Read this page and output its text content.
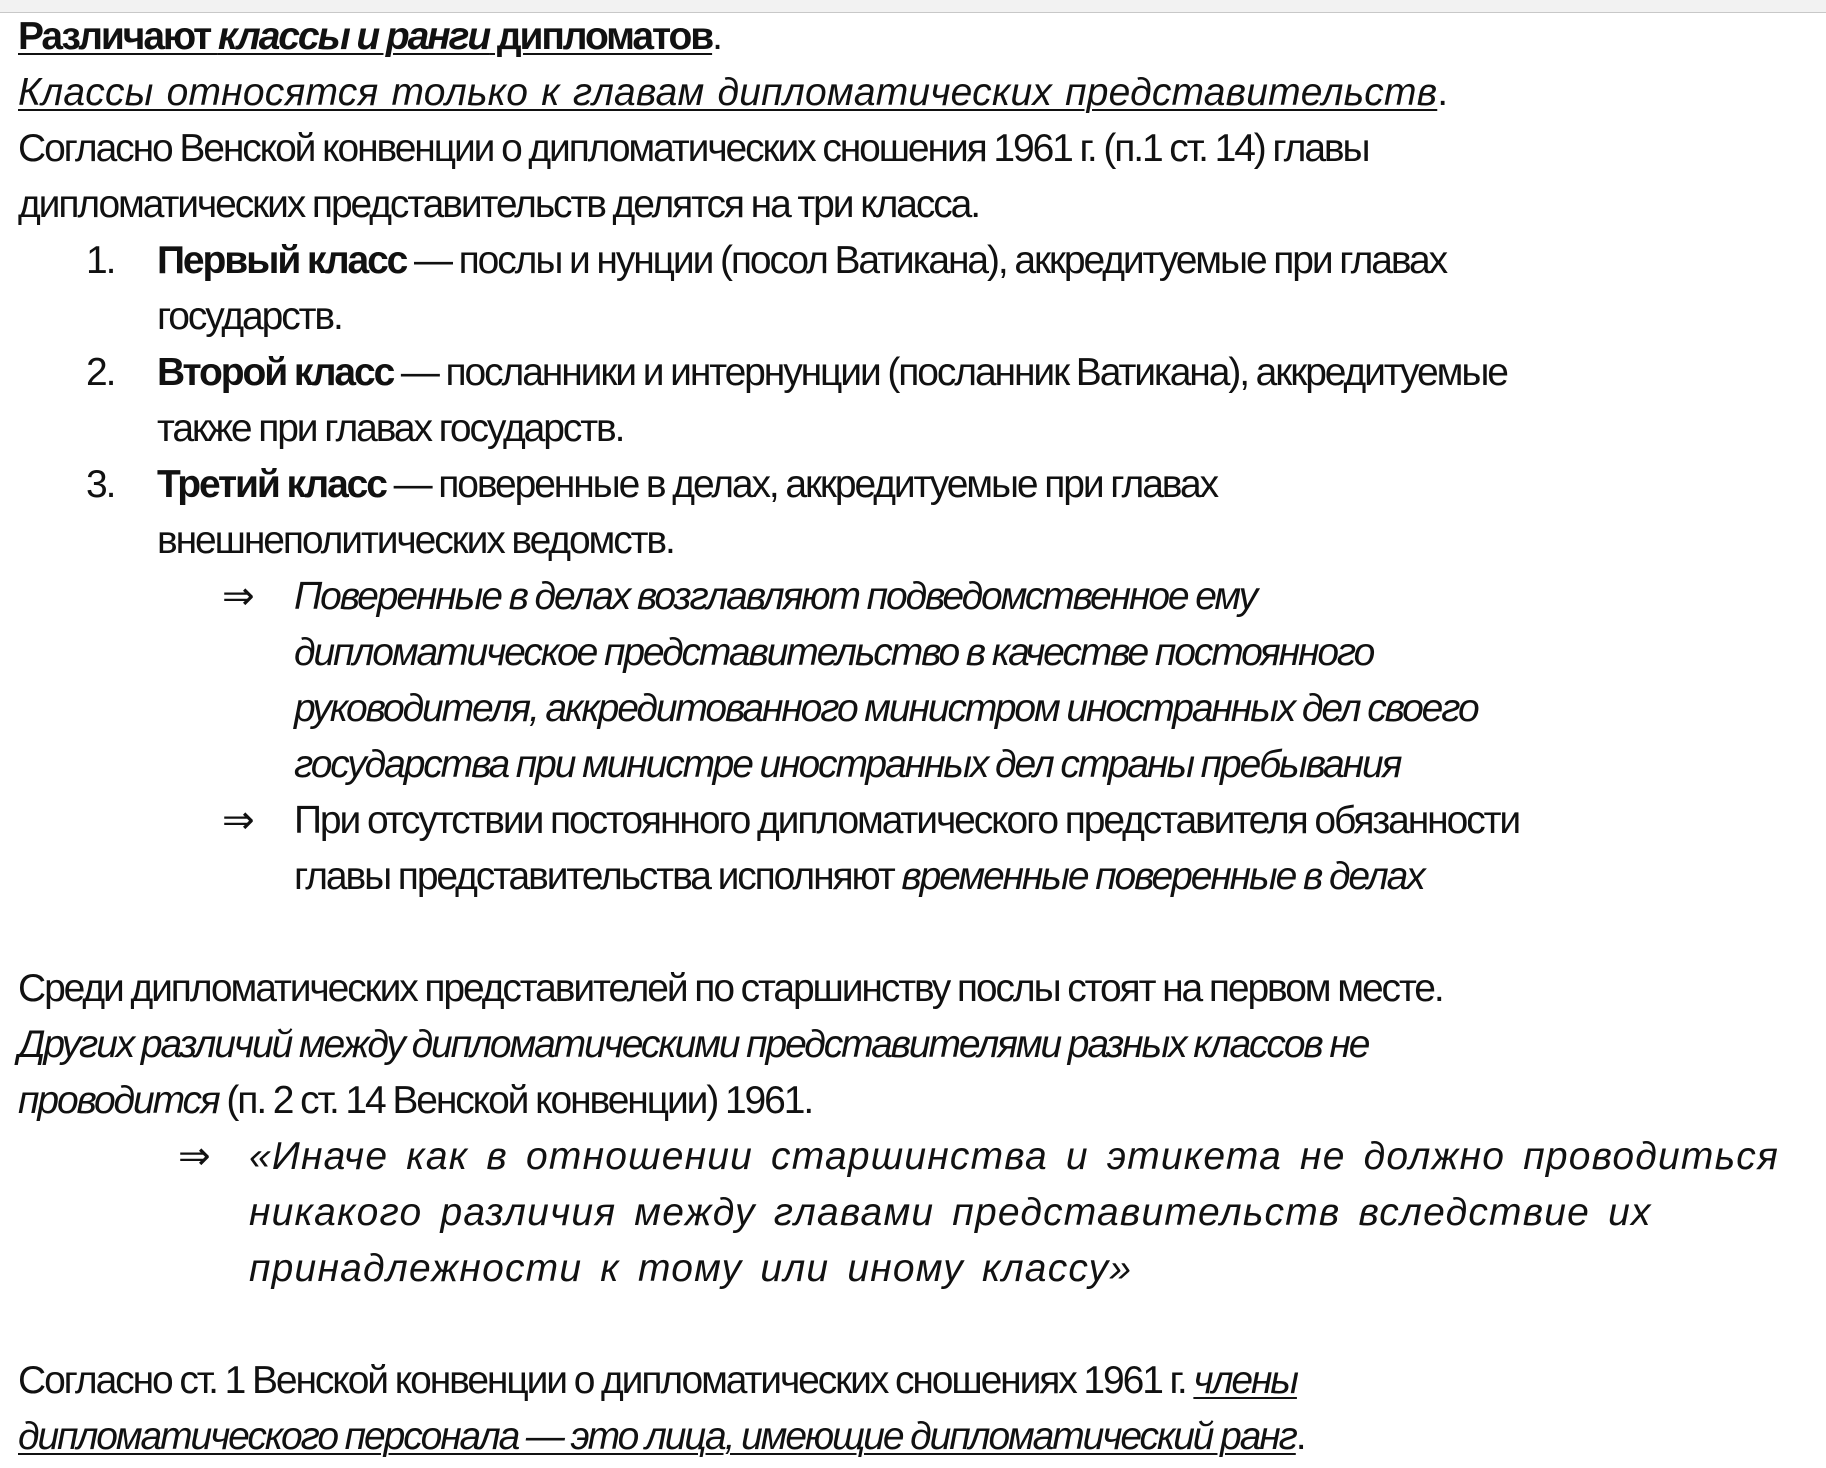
Различают классы и ранги дипломатов.
Классы относятся только к главам дипломатических представительств.
Согласно Венской конвенции о дипломатических сношения 1961 г. (п.1 ст. 14) главы
дипломатических представительств делятся на три класса.
1. Первый класс — послы и нунции (посол Ватикана), аккредитуемые при главах
государств.
2. Второй класс — посланники и интернунции (посланник Ватикана), аккредитуемые
также при главах государств.
3. Третий класс — поверенные в делах, аккредитуемые при главах
внешнеполитических ведомств.
⇒ Поверенные в делах возглавляют подведомственное ему
дипломатическое представительство в качестве постоянного
руководителя, аккредитованного министром иностранных дел своего
государства при министре иностранных дел страны пребывания
⇒ При отсутствии постоянного дипломатического представителя обязанности
главы представительства исполняют временные поверенные в делах
Среди дипломатических представителей по старшинству послы стоят на первом месте.
Других различий между дипломатическими представителями разных классов не
проводится (п. 2 ст. 14 Венской конвенции) 1961.
⇒ «Иначе как в отношении старшинства и этикета не должно проводиться
никакого различия между главами представительств вследствие их
принадлежности к тому или иному классу»
Согласно ст. 1 Венской конвенции о дипломатических сношениях 1961 г. члены
дипломатического персонала — это лица, имеющие дипломатический ранг.
